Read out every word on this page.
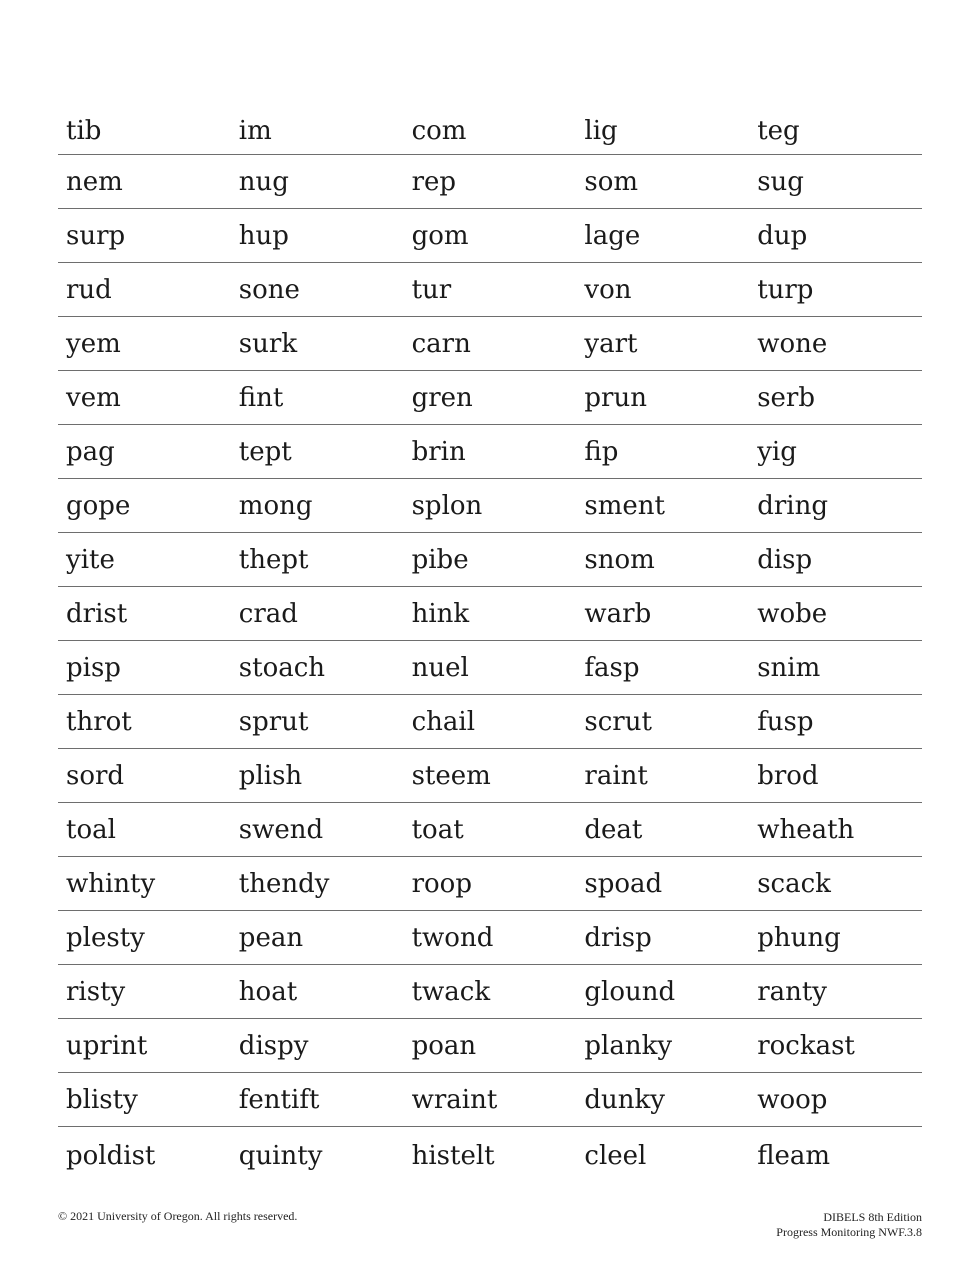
tib	im	com	lig	teg
nem	nug	rep	som	sug
surp	hup	gom	lage	dup
rud	sone	tur	von	turp
yem	surk	carn	yart	wone
vem	fint	gren	prun	serb
pag	tept	brin	fip	yig
gope	mong	splon	sment	dring
yite	thept	pibe	snom	disp
drist	crad	hink	warb	wobe
pisp	stoach	nuel	fasp	snim
throt	sprut	chail	scrut	fusp
sord	plish	steem	raint	brod
toal	swend	toat	deat	wheath
whinty	thendy	roop	spoad	scack
plesty	pean	twond	drisp	phung
risty	hoat	twack	glound	ranty
uprint	dispy	poan	planky	rockast
blisty	fentift	wraint	dunky	woop
poldist	quinty	histelt	cleel	fleam
© 2021 University of Oregon. All rights reserved.	DIBELS 8th Edition
Progress Monitoring NWF.3.8
